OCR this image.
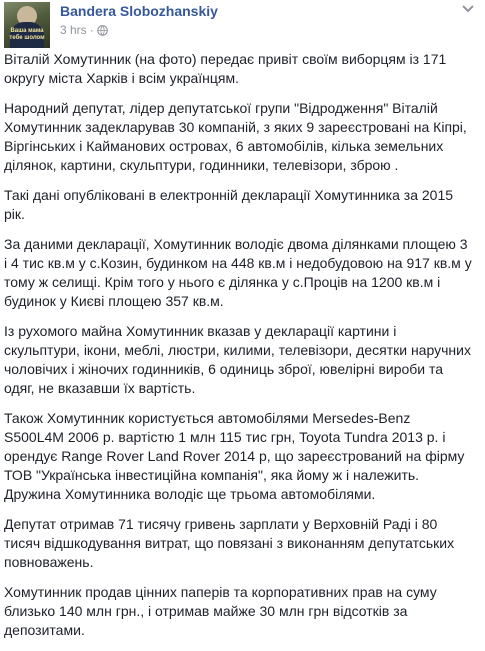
Ваша мама тебе шолом
Bandera Slobozhanskiy
3 hrs ·

Віталій Хомутинник (на фото) передає привіт своїм виборцям із 171 округу міста Харків і всім українцям.

Народний депутат, лідер депутатської групи "Відродження" Віталій Хомутинник задекларував 30 компаній, з яких 9 зареєстровані на Кіпрі, Віргінських і Кайманових островах, 6 автомобілів, кілька земельних ділянок, картини, скульптури, годинники, телевізори, зброю .

Такі дані опубліковані в електронній декларації Хомутинника за 2015 рік.

За даними декларації, Хомутинник володіє двома ділянками площею 3 і 4 тис кв.м у с.Козин, будинком на 448 кв.м і недобудовою на 917 кв.м у тому ж селищі. Крім того у нього є ділянка у с.Проців на 1200 кв.м і будинок у Києві площею 357 кв.м.

Із рухомого майна Хомутинник вказав у декларації картини і скульптури, ікони, меблі, люстри, килими, телевізори, десятки наручних чоловічих і жіночих годинників, 6 одиниць зброї, ювелірні вироби та одяг, не вказавши їх вартість.

Також Хомутинник користується автомобілями Mersedes-Benz S500L4M 2006 р. вартістю 1 млн 115 тис грн, Toyota Tundra 2013 р. і орендує Range Rover Land Rover 2014 р, що зареєстрований на фірму ТОВ "Українська інвестиційна компанія", яка йому ж і належить. Дружина Хомутинника володіє ще трьома автомобілями.

Депутат отримав 71 тисячу гривень зарплати у Верховній Раді і 80 тисяч відшкодування витрат, що повязані з виконанням депутатських повноважень.

Хомутинник продав цінних паперів та корпоративних прав на суму близько 140 млн грн., і отримав майже 30 млн грн відсотків за депозитами.
